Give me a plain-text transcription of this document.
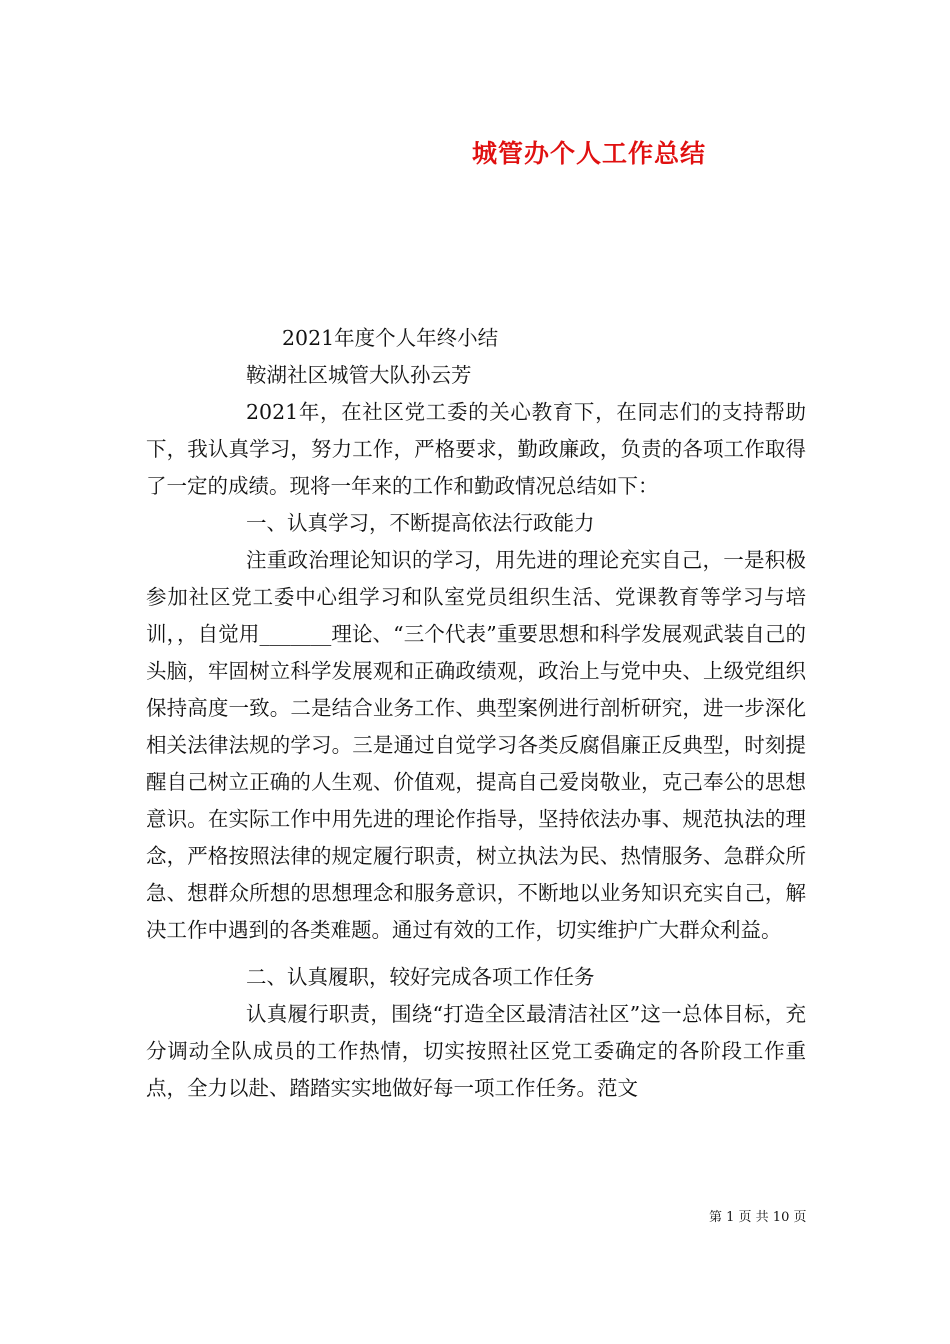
城管办个人工作总结

2021年度个人年终小结

鞍湖社区城管大队孙云芳

2021年，在社区党工委的关心教育下，在同志们的支持帮助下，我认真学习，努力工作，严格要求，勤政廉政，负责的各项工作取得了一定的成绩。现将一年来的工作和勤政情况总结如下：

一、认真学习，不断提高依法行政能力

注重政治理论知识的学习，用先进的理论充实自己，一是积极参加社区党工委中心组学习和队室党员组织生活、党课教育等学习与培训，，自觉用_______理论、“三个代表”重要思想和科学发展观武装自己的头脑，牢固树立科学发展观和正确政绩观，政治上与党中央、上级党组织保持高度一致。二是结合业务工作、典型案例进行剖析研究，进一步深化相关法律法规的学习。三是通过自觉学习各类反腐倡廉正反典型，时刻提醒自己树立正确的人生观、价值观，提高自己爱岗敬业，克己奉公的思想意识。在实际工作中用先进的理论作指导，坚持依法办事、规范执法的理念，严格按照法律的规定履行职责，树立执法为民、热情服务、急群众所急、想群众所想的思想理念和服务意识，不断地以业务知识充实自己，解决工作中遇到的各类难题。通过有效的工作，切实维护广大群众利益。

二、认真履职，较好完成各项工作任务

认真履行职责，围绕“打造全区最清洁社区”这一总体目标，充分调动全队成员的工作热情，切实按照社区党工委确定的各阶段工作重点，全力以赴、踏踏实实地做好每一项工作任务。范文

第 1 页 共 10 页
